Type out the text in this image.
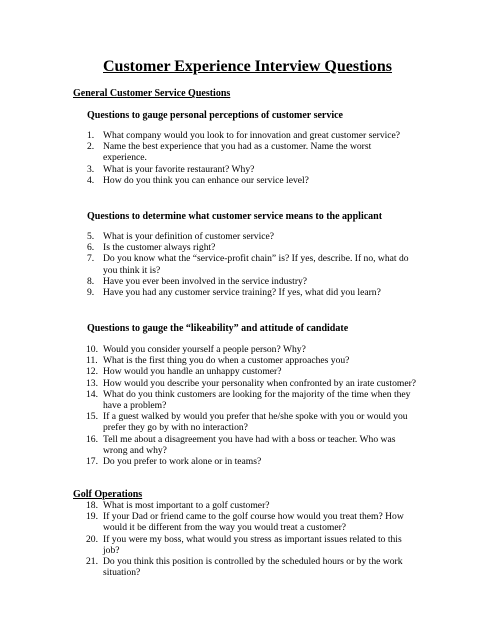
Customer Experience Interview Questions
General Customer Service Questions
Questions to gauge personal perceptions of customer service
1. What company would you look to for innovation and great customer service?
2. Name the best experience that you had as a customer. Name the worst experience.
3. What is your favorite restaurant? Why?
4. How do you think you can enhance our service level?
Questions to determine what customer service means to the applicant
5. What is your definition of customer service?
6. Is the customer always right?
7. Do you know what the “service-profit chain” is? If yes, describe. If no, what do you think it is?
8. Have you ever been involved in the service industry?
9. Have you had any customer service training? If yes, what did you learn?
Questions to gauge the “likeability” and attitude of candidate
10. Would you consider yourself a people person? Why?
11. What is the first thing you do when a customer approaches you?
12. How would you handle an unhappy customer?
13. How would you describe your personality when confronted by an irate customer?
14. What do you think customers are looking for the majority of the time when they have a problem?
15. If a guest walked by would you prefer that he/she spoke with you or would you prefer they go by with no interaction?
16. Tell me about a disagreement you have had with a boss or teacher. Who was wrong and why?
17. Do you prefer to work alone or in teams?
Golf Operations
18. What is most important to a golf customer?
19. If your Dad or friend came to the golf course how would you treat them? How would it be different from the way you would treat a customer?
20. If you were my boss, what would you stress as important issues related to this job?
21. Do you think this position is controlled by the scheduled hours or by the work situation?
